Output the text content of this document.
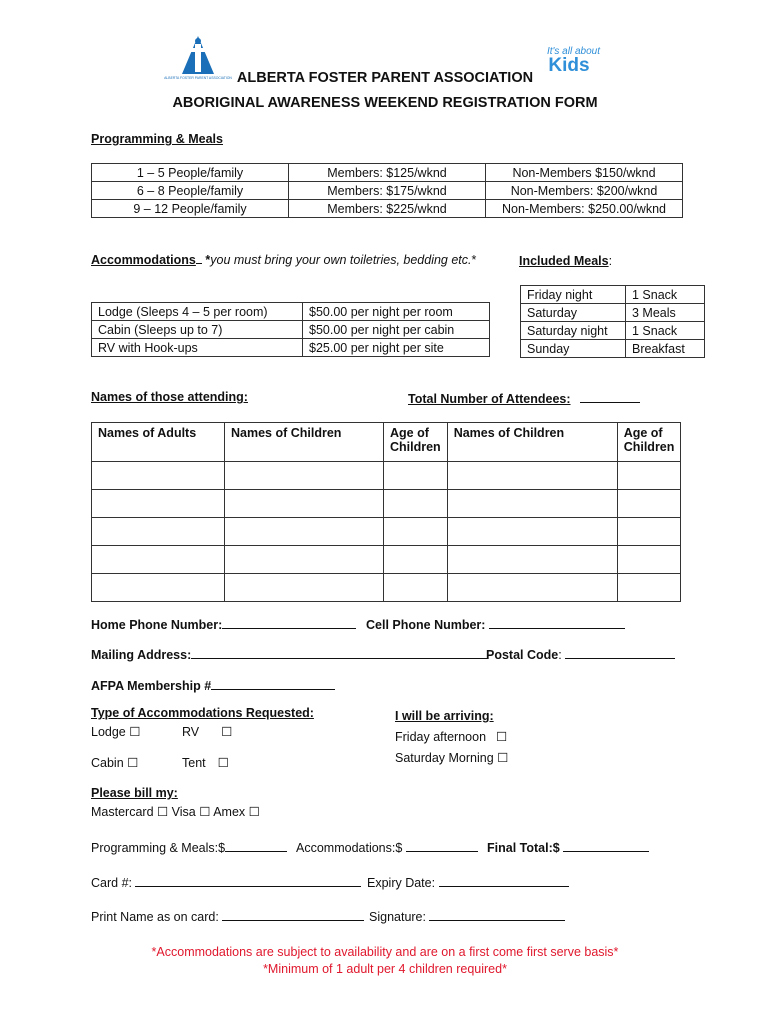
ALBERTA FOSTER PARENT ASSOCIATION
It's all about
Kids
ALBERTA FOSTER PARENT ASSOCIATION
ABORIGINAL AWARENESS WEEKEND REGISTRATION FORM
Programming & Meals
1 – 5 People/family	Members: $125/wknd	Non-Members $150/wknd
6 – 8 People/family	Members: $175/wknd	Non-Members: $200/wknd
9 – 12 People/family	Members: $225/wknd	Non-Members: $250.00/wknd
Accommodations *you must bring your own toiletries, bedding etc.*
Lodge (Sleeps 4 – 5 per room)	$50.00 per night per room
Cabin (Sleeps up to 7)	$50.00 per night per cabin
RV with Hook-ups	$25.00 per night per site
Included Meals:
Friday night	1 Snack
Saturday	3 Meals
Saturday night	1 Snack
Sunday	Breakfast
Names of those attending:	Total Number of Attendees:
Names of Adults	Names of Children	Age of Children	Names of Children	Age of Children

Home Phone Number:	Cell Phone Number:
Mailing Address:	Postal Code:
AFPA Membership #
Type of Accommodations Requested:
Lodge ☐	RV ☐
Cabin ☐	Tent ☐
I will be arriving:
Friday afternoon ☐
Saturday Morning ☐
Please bill my:
Mastercard ☐ Visa ☐ Amex ☐
Programming & Meals:$	Accommodations:$	Final Total:$
Card #:	Expiry Date:
Print Name as on card:	Signature:
*Accommodations are subject to availability and are on a first come first serve basis*
*Minimum of 1 adult per 4 children required*
